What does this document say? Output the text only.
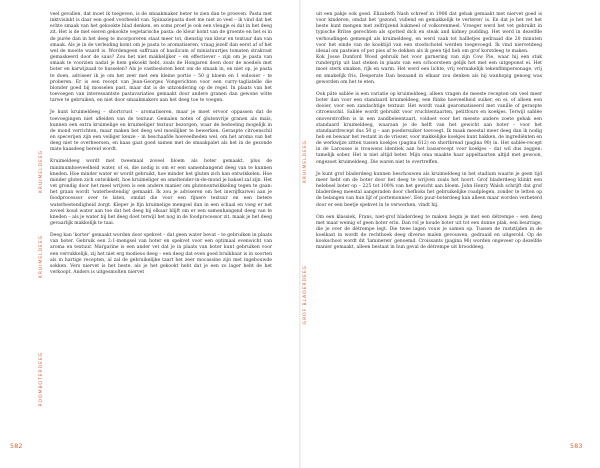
veel gevallen, dat moet ik toegeven, is de smaakmaker beter te zien dan te proeven. Pasta met inktvisinkt is daar een goed voorbeeld van. Spinaziepasta doet me niet zo veel – ik vind dat het echte smaak van het gekookte blad denken, en soms proef je ook een vleugje ei dat in het deeg zit. Het is de met eieren gekookte vegetarische pasta: de kleur komt van de groente en het ei in de purée dan in het deeg te incorporeren staat meer tot, dienstig van kleur en textuur dan van smaak. Als je in de verleiding komt om je pasta te aromatiseren, vraag jezelf dan eerst af of het wel de moeite waard is. Wordengeen saffraan of basilicum of miniatuurtjes tomaten strakvast gemaskeerd door de saus? Zou het niet makkelijker – en effectiever – zijn om je pasta van smaak te voorzien nadat je hem gekookt hebt, zoals de Hongaren doen door de noedels met boter en karwijzaad te husselen? Als je vastbesloten bent om de smaak in, en niet op, je pasta te doen, adviseer ik je om het zeer met een kleine portie – 50 g bloem en 1 eidooier – te proberen. Er is een recept van Jean-Georges Vongerichten voor een curry-tagliatelle die blonder goed bij mosselen past, maar dat is de uitzondering op de regel. In plaats van het toevoegen van interessantste pastavariaties gemaakt door andere granen dan gewone witte tarwe te gebruiken, en niet door smaakmakers aan het deeg toe te voegen.

Je kunt kruimeldeeg – shortcrust – aromatiseren, maar je moet ervoor oppassen dat de toevoegingen niet afleiden van de textuur. Gemalen noten of glutenvrije granen als maïs, kunnen een extra kruimelige en kruimeliger textuur bezorgen, waar de bedoeling mogelijk in de mond verrichten, maar maken het deeg wel moeilijker te bewerken. Geraspte citroenschil en specerijen zijn een veiliger keuze – in beschaafde hoeveelheden wel, om het aroma van het deeg niet te overheersen, en kaas gaat goed samen met de smaakpalet als het in de gezonde mate kaasdeeg bereid wordt.

Kruimeldeeg wordt met tweemaal zoveel bloem als boter gemaakt, plus de minimumhoeveelheid water, of ei, die nodig is om er een samenhangend deeg van te kunnen kneden. Hoe minder water er wordt gebruikt, hoe minder het gluten zich kan ontwikkelen. Hoe minder gluten zich ontwikkelt, hoe kruimeliger en smeltender-in-de-mond je baksel zal zijn. Het vet grondig door het meel wrijven is een andere manier om glutenontwikkeling tegen te gaan: het graan wordt 'waterbestendig' gemaakt. Ik zou je adviseren om het inwrijfkarwei aan je foodprocessor over te laten, omdat die voor een fijnere textuur en een betere waterbestendigheid zorgt. Kleper je fijn kruimelige mengsel dan in een schaal en voeg er net zoveel koud water aan toe dat het deeg bij elkaar blijft om er een samenhangend deeg van te kneden – als je water bij het deeg doet terwijl het nog in de foodprocessor zit, maak je het deeg gevaarlijk makkelijk te taai.

Deeg kan 'korter' gemaakt worden door spekvet – dat geen water bevat – te gebruiken in plaats van boter. Gebruik een 2:1-mengsel van boter en spekvet voor een optimaal evenwicht van aroma en textuur. Margarine is een ander vet dat je in plaats van boter kunt gebruiken voor een verrukkelijk, zij het niet erg modieus deeg – een deeg dat even goed bruikbaar is in soorten als in hartige recepten, al zal de gebruikelijke taart het zeer mocassine zijn met ingebouwde sokken. Vers niervet is het beste, als je het gekookt hebt dat je een zo lager hebt de het verkoopt. Anders is uitgesmolten niervet

KRUIMELDEEG
KRUIMELDEEG
ROOMBOTERDEEG
582

uit een pakje ook goed. Elizabeth Nash schreef in 1906 dat gebak gemaakt met niervet goed is voor kinderen, omdat het 'gezond, vullend en gemakkelijk te verteren' is. En dat je het vet het beste kunt mengen met zelfrijzend bakmeel of volkorenmeel. Vroeger werd het vet gebruikt in typische Britse gerechten als spotted dick en steak and kidney pudding. Het werd in dezelfde verhoudingen gemengd als kruimeldeeg, en werd vaak tot ballletjes gedraaid die 20 minuten voor het einde van de kooktijd van een stoofschotel werden toegevoegd. Ik vind niervetdeeg ideaal om pasteien of pot pies af te dekken als ik geen tijd heb om grof korstdeeg te maken.

Kok Josse Dunford Wood gebruik het voor garnering van zijn Cow Pie, waar hij een stuk rundergrip uit laat steken in plaats van een schoorsteen gelijk het met een uitgeponst ei. Het moet sterk smaken, rijk en warm. Het werd een lichte, vrij vermakelijk tekenfilmpersonage, vrij en smakelijk fris, Desperate Dan bezaand in elkaar zou denken als hij wanhopig genoeg was geworden om het te eten.

Ook pâte sablée is een variatie op kruimeldeeg, alleen vragen de meeste recepten om veel meer boter dan voor een standaard kruimeldeeg, een flinke hoeveelheid suiker, en ei, of alleen een dooier, voor een zandachtige textuur. Het wordt vaak gearomatiseerd met vanille of geraspte citroenschil. Sablée wordt gebruikt voor vruchtentaarten, petitfours en koekjes. Terwijl sablée onoverstroffen is in een zandbeleentaart, voldoet voor het meeste andere zoete gebak een standaard kruimeldeeg, waaraan je de helft van het gewicht aan boter – voor het standaardrecept dus 50 g – aan poedersuiker toevoegt. Ik maak meestal meer deeg dan ik nodig heb en bewaar het restant in de vriezer, voor makkelijke koekjes kunt bakken, de ingrediënten en de werkwijze zitten tussen koekjes (pagina 612) en shortbread (pagina 90) in. Het sablée-recept in de Larousse is trouwens identiek aan het basisrecept voor koekjes – dat wil dus zeggen: tamelijk sober. Het is niet altijd beter. Mijn oma maakte haar appeltaarten altijd met gewoon, ongezoet kruimeldeeg. Die waren niet te overtreffen.

Je kunt grof bladerdeeg kunnen beschouwen als kruimeldeeg in het stadium waarin je geen tijd meer hebt om de boter door het deeg te wrijven zoals het hoort. Grof bladerdeeg klinkt een heleboel boter op – 225 tot 100% van het gewicht aan bloem. John Henry Walsh schrijft dat grof bladerdeeg meestal aangeraden door chefkoks het gebruikelijke roadplegen, zonder te letten op de belangen van hun lijf of portemonnee'. Een puur-boterdeeg kan alleen maar worden verbeterd door er een beetje spekvet in te verwerken, vindt hij.

Om een klassiek, Frans, niet-grof bladerdeeg te maken begin je met een détrempe – een deeg met maar weinig of geen boter erin. Dan rol je koude boter uit tot een dunne plak, een beurrage, die je over de détrempe legt. Die twee lagen vouw je samen op. Tussen de ruststijden in de koelkast in wordt de rechthoek deeg diverse malen gevouwen, gedraaid en uitgerold. Op de kookschool wordt dit 'lamineren' genoemd. Croissants (pagina 96) worden ongeveer op dezelfde manier gemaakt, alleen bestaat in hun geval de détrempe uit brooddeeg.

KRUIMELDEEG
GROF BLADERDEEG
583
